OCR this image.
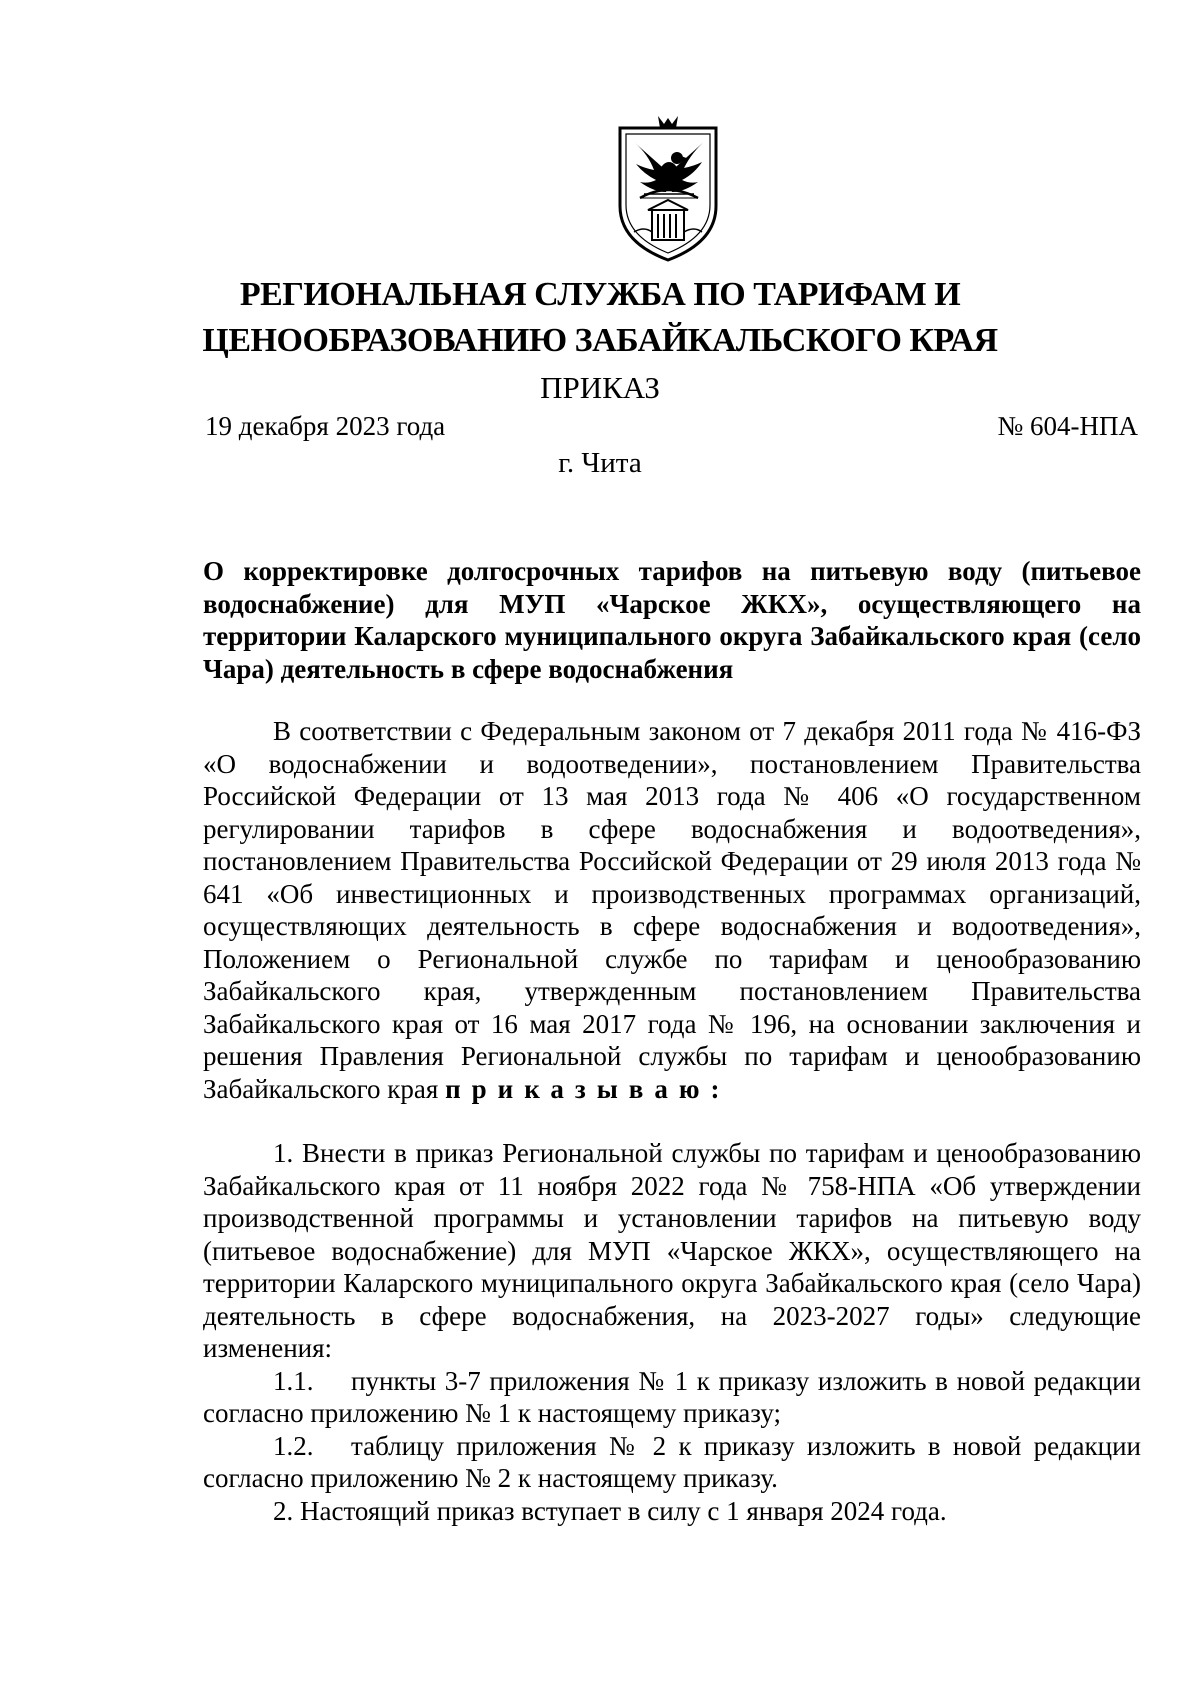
РЕГИОНАЛЬНАЯ СЛУЖБА ПО ТАРИФАМ И
ЦЕНООБРАЗОВАНИЮ ЗАБАЙКАЛЬСКОГО КРАЯ
ПРИКАЗ
19 декабря 2023 года	№ 604-НПА
г. Чита
О корректировке долгосрочных тарифов на питьевую воду (питьевое водоснабжение) для МУП «Чарское ЖКХ», осуществляющего на территории Каларского муниципального округа Забайкальского края (село Чара) деятельность в сфере водоснабжения

В соответствии с Федеральным законом от 7 декабря 2011 года № 416-ФЗ «О водоснабжении и водоотведении», постановлением Правительства Российской Федерации от 13 мая 2013 года № 406 «О государственном регулировании тарифов в сфере водоснабжения и водоотведения», постановлением Правительства Российской Федерации от 29 июля 2013 года № 641 «Об инвестиционных и производственных программах организаций, осуществляющих деятельность в сфере водоснабжения и водоотведения», Положением о Региональной службе по тарифам и ценообразованию Забайкальского края, утвержденным постановлением Правительства Забайкальского края от 16 мая 2017 года № 196, на основании заключения и решения Правления Региональной службы по тарифам и ценообразованию Забайкальского края приказываю:

1. Внести в приказ Региональной службы по тарифам и ценообразованию Забайкальского края от 11 ноября 2022 года № 758-НПА «Об утверждении производственной программы и установлении тарифов на питьевую воду (питьевое водоснабжение) для МУП «Чарское ЖКХ», осуществляющего на территории Каларского муниципального округа Забайкальского края (село Чара) деятельность в сфере водоснабжения, на 2023-2027 годы» следующие изменения:

1.1. пункты 3-7 приложения № 1 к приказу изложить в новой редакции согласно приложению № 1 к настоящему приказу;

1.2. таблицу приложения № 2 к приказу изложить в новой редакции согласно приложению № 2 к настоящему приказу.

2. Настоящий приказ вступает в силу с 1 января 2024 года.
